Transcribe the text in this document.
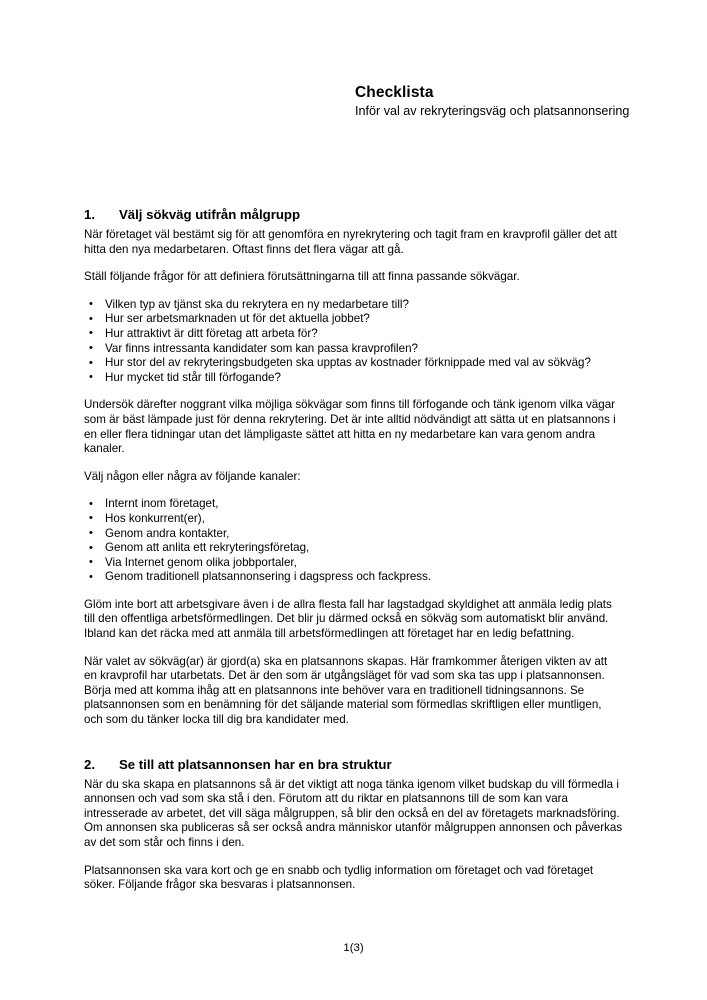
Checklista
Inför val av rekryteringsväg och platsannonsering
1. Välj sökväg utifrån målgrupp

När företaget väl bestämt sig för att genomföra en nyrekrytering och tagit fram en kravprofil gäller det att hitta den nya medarbetaren. Oftast finns det flera vägar att gå.

Ställ följande frågor för att definiera förutsättningarna till att finna passande sökvägar.

• Vilken typ av tjänst ska du rekrytera en ny medarbetare till?
• Hur ser arbetsmarknaden ut för det aktuella jobbet?
• Hur attraktivt är ditt företag att arbeta för?
• Var finns intressanta kandidater som kan passa kravprofilen?
• Hur stor del av rekryteringsbudgeten ska upptas av kostnader förknippade med val av sökväg?
• Hur mycket tid står till förfogande?

Undersök därefter noggrant vilka möjliga sökvägar som finns till förfogande och tänk igenom vilka vägar som är bäst lämpade just för denna rekrytering. Det är inte alltid nödvändigt att sätta ut en platsannons i en eller flera tidningar utan det lämpligaste sättet att hitta en ny medarbetare kan vara genom andra kanaler.

Välj någon eller några av följande kanaler:

• Internt inom företaget,
• Hos konkurrent(er),
• Genom andra kontakter,
• Genom att anlita ett rekryteringsföretag,
• Via Internet genom olika jobbportaler,
• Genom traditionell platsannonsering i dagspress och fackpress.

Glöm inte bort att arbetsgivare även i de allra flesta fall har lagstadgad skyldighet att anmäla ledig plats till den offentliga arbetsförmedlingen. Det blir ju därmed också en sökväg som automatiskt blir använd. Ibland kan det räcka med att anmäla till arbetsförmedlingen att företaget har en ledig befattning.

När valet av sökväg(ar) är gjord(a) ska en platsannons skapas. Här framkommer återigen vikten av att en kravprofil har utarbetats. Det är den som är utgångsläget för vad som ska tas upp i platsannonsen. Börja med att komma ihåg att en platsannons inte behöver vara en traditionell tidningsannons. Se platsannonsen som en benämning för det säljande material som förmedlas skriftligen eller muntligen, och som du tänker locka till dig bra kandidater med.

2. Se till att platsannonsen har en bra struktur

När du ska skapa en platsannons så är det viktigt att noga tänka igenom vilket budskap du vill förmedla i annonsen och vad som ska stå i den. Förutom att du riktar en platsannons till de som kan vara intresserade av arbetet, det vill säga målgruppen, så blir den också en del av företagets marknadsföring. Om annonsen ska publiceras så ser också andra människor utanför målgruppen annonsen och påverkas av det som står och finns i den.

Platsannonsen ska vara kort och ge en snabb och tydlig information om företaget och vad företaget söker. Följande frågor ska besvaras i platsannonsen.

1(3)
